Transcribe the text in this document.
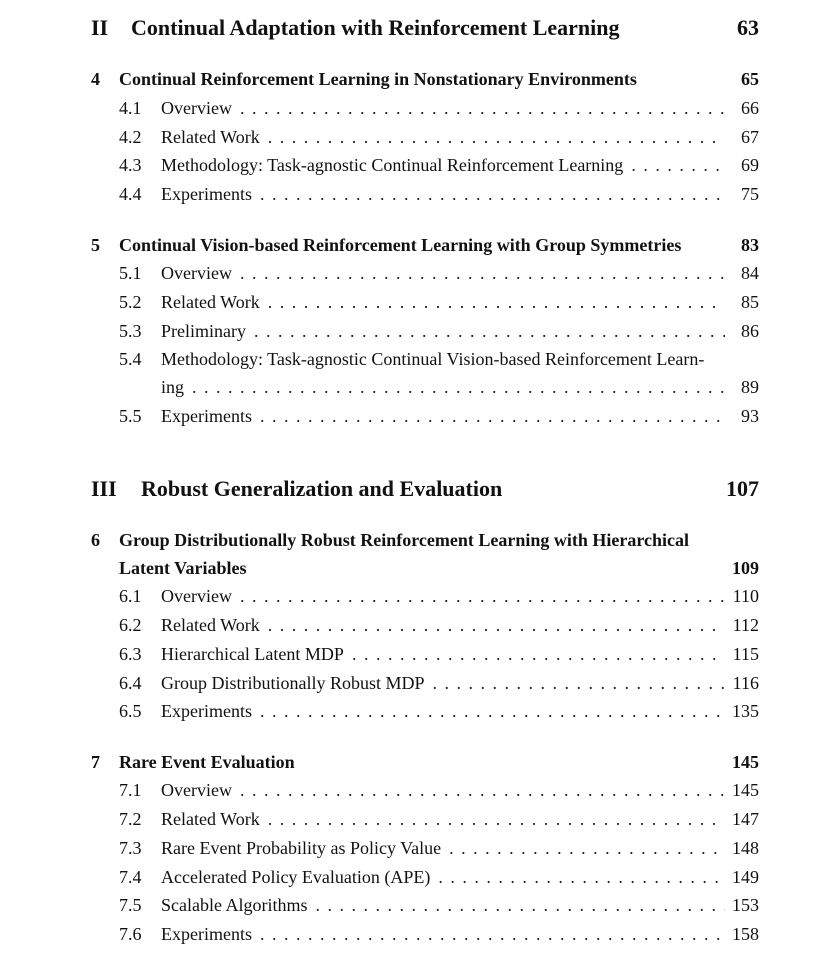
II Continual Adaptation with Reinforcement Learning	63
4 Continual Reinforcement Learning in Nonstationary Environments	65
4.1	Overview . . .	66
4.2	Related Work . . .	67
4.3	Methodology: Task-agnostic Continual Reinforcement Learning . . .	69
4.4	Experiments . . .	75
5 Continual Vision-based Reinforcement Learning with Group Symmetries	83
5.1	Overview . . .	84
5.2	Related Work . . .	85
5.3	Preliminary . . .	86
5.4	Methodology: Task-agnostic Continual Vision-based Reinforcement Learn-
ing . . .	89
5.5	Experiments . . .	93
III Robust Generalization and Evaluation	107
6 Group Distributionally Robust Reinforcement Learning with Hierarchical
Latent Variables	109
6.1	Overview . . .	110
6.2	Related Work . . .	112
6.3	Hierarchical Latent MDP . . .	115
6.4	Group Distributionally Robust MDP . . .	116
6.5	Experiments . . .	135
7 Rare Event Evaluation	145
7.1	Overview . . .	145
7.2	Related Work . . .	147
7.3	Rare Event Probability as Policy Value . . .	148
7.4	Accelerated Policy Evaluation (APE) . . .	149
7.5	Scalable Algorithms . . .	153
7.6	Experiments . . .	158
